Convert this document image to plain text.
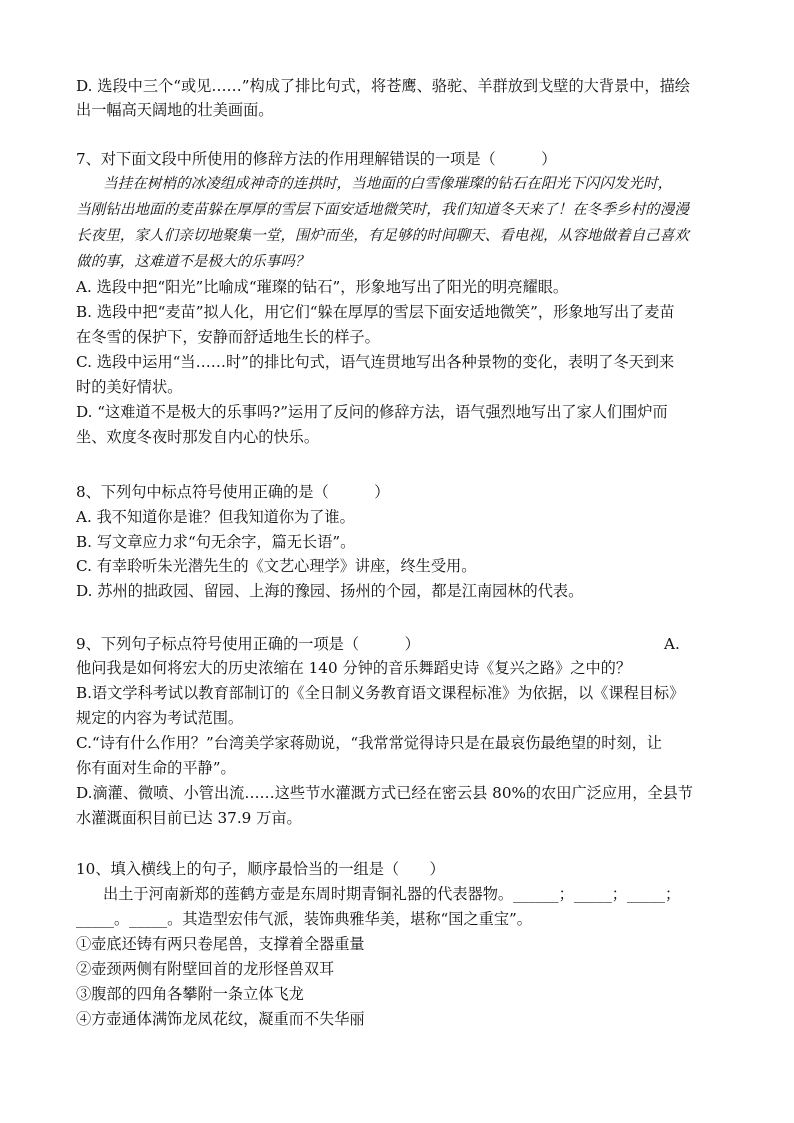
D. 选段中三个“或见……”构成了排比句式，将苍鹰、骆驼、羊群放到戈壁的大背景中，描绘
出一幅高天阔地的壮美画面。
7、对下面文段中所使用的修辞方法的作用理解错误的一项是（　　　）
当挂在树梢的冰凌组成神奇的连拱时，当地面的白雪像璀璨的钻石在阳光下闪闪发光时，
当刚钻出地面的麦苗躲在厚厚的雪层下面安适地微笑时，我们知道冬天来了！在冬季乡村的漫漫
长夜里，家人们亲切地聚集一堂，围炉而坐，有足够的时间聊天、看电视，从容地做着自己喜欢
做的事，这难道不是极大的乐事吗？
A. 选段中把“阳光”比喻成“璀璨的钻石”，形象地写出了阳光的明亮耀眼。
B. 选段中把“麦苗”拟人化，用它们“躲在厚厚的雪层下面安适地微笑”，形象地写出了麦苗
在冬雪的保护下，安静而舒适地生长的样子。
C. 选段中运用“当……时”的排比句式，语气连贯地写出各种景物的变化，表明了冬天到来
时的美好情状。
D. “这难道不是极大的乐事吗?”运用了反问的修辞方法，语气强烈地写出了家人们围炉而
坐、欢度冬夜时那发自内心的快乐。
8、下列句中标点符号使用正确的是（　　　）
A. 我不知道你是谁？但我知道你为了谁。
B. 写文章应力求“句无余字，篇无长语”。
C. 有幸聆听朱光潜先生的《文艺心理学》讲座，终生受用。
D. 苏州的拙政园、留园、上海的豫园、扬州的个园，都是江南园林的代表。
9、下列句子标点符号使用正确的一项是（　　　）	A.
他问我是如何将宏大的历史浓缩在 140 分钟的音乐舞蹈史诗《复兴之路》之中的？
B.语文学科考试以教育部制订的《全日制义务教育语文课程标准》为依据，以《课程目标》
规定的内容为考试范围。
C.“诗有什么作用？”台湾美学家蒋勋说，“我常常觉得诗只是在最哀伤最绝望的时刻，让
你有面对生命的平静”。
D.滴灌、微喷、小管出流……这些节水灌溉方式已经在密云县 80%的农田广泛应用，全县节
水灌溉面积目前已达 37.9 万亩。
10、填入横线上的句子，顺序最恰当的一组是（　　）
出土于河南新郑的莲鹤方壶是东周时期青铜礼器的代表器物。______；_____；_____；
_____。_____。其造型宏伟气派，装饰典雅华美，堪称“国之重宝”。
①壶底还铸有两只卷尾兽，支撑着全器重量
②壶颈两侧有附壁回首的龙形怪兽双耳
③腹部的四角各攀附一条立体飞龙
④方壶通体满饰龙凤花纹，凝重而不失华丽
